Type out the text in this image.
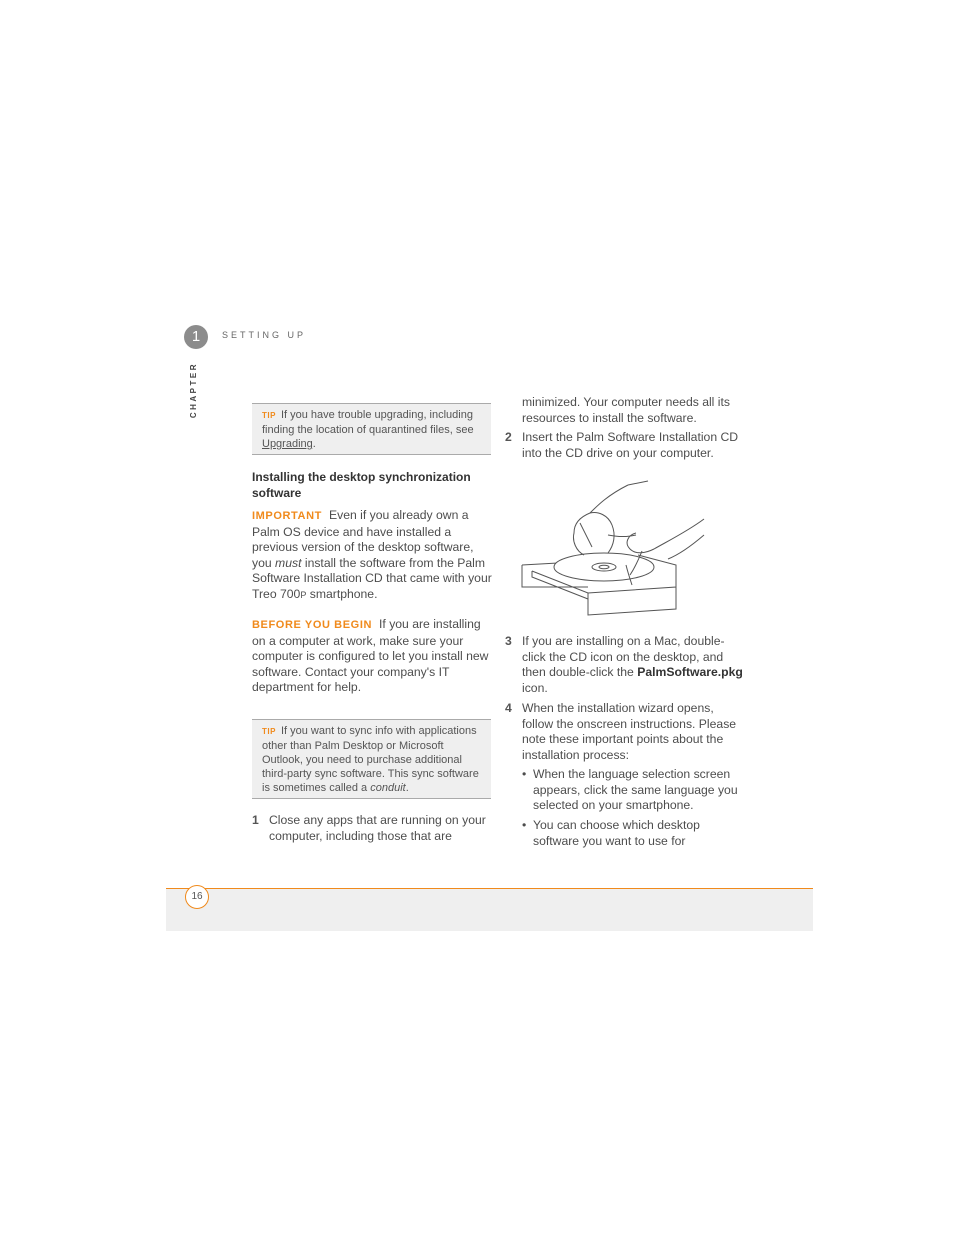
1	SETTING UP
CHAPTER	TIP If you have trouble upgrading, including finding the location of quarantined files, see Upgrading.
Installing the desktop synchronization software
IMPORTANT Even if you already own a Palm OS device and have installed a previous version of the desktop software, you must install the software from the Palm Software Installation CD that came with your Treo 700P smartphone.
BEFORE YOU BEGIN If you are installing on a computer at work, make sure your computer is configured to let you install new software. Contact your company's IT department for help.
TIP If you want to sync info with applications other than Palm Desktop or Microsoft Outlook, you need to purchase additional third-party sync software. This sync software is sometimes called a conduit.
1 Close any apps that are running on your computer, including those that are
minimized. Your computer needs all its resources to install the software.
2 Insert the Palm Software Installation CD into the CD drive on your computer.
3 If you are installing on a Mac, double-click the CD icon on the desktop, and then double-click the PalmSoftware.pkg icon.
4 When the installation wizard opens, follow the onscreen instructions. Please note these important points about the installation process:
• When the language selection screen appears, click the same language you selected on your smartphone.
• You can choose which desktop software you want to use for
16
